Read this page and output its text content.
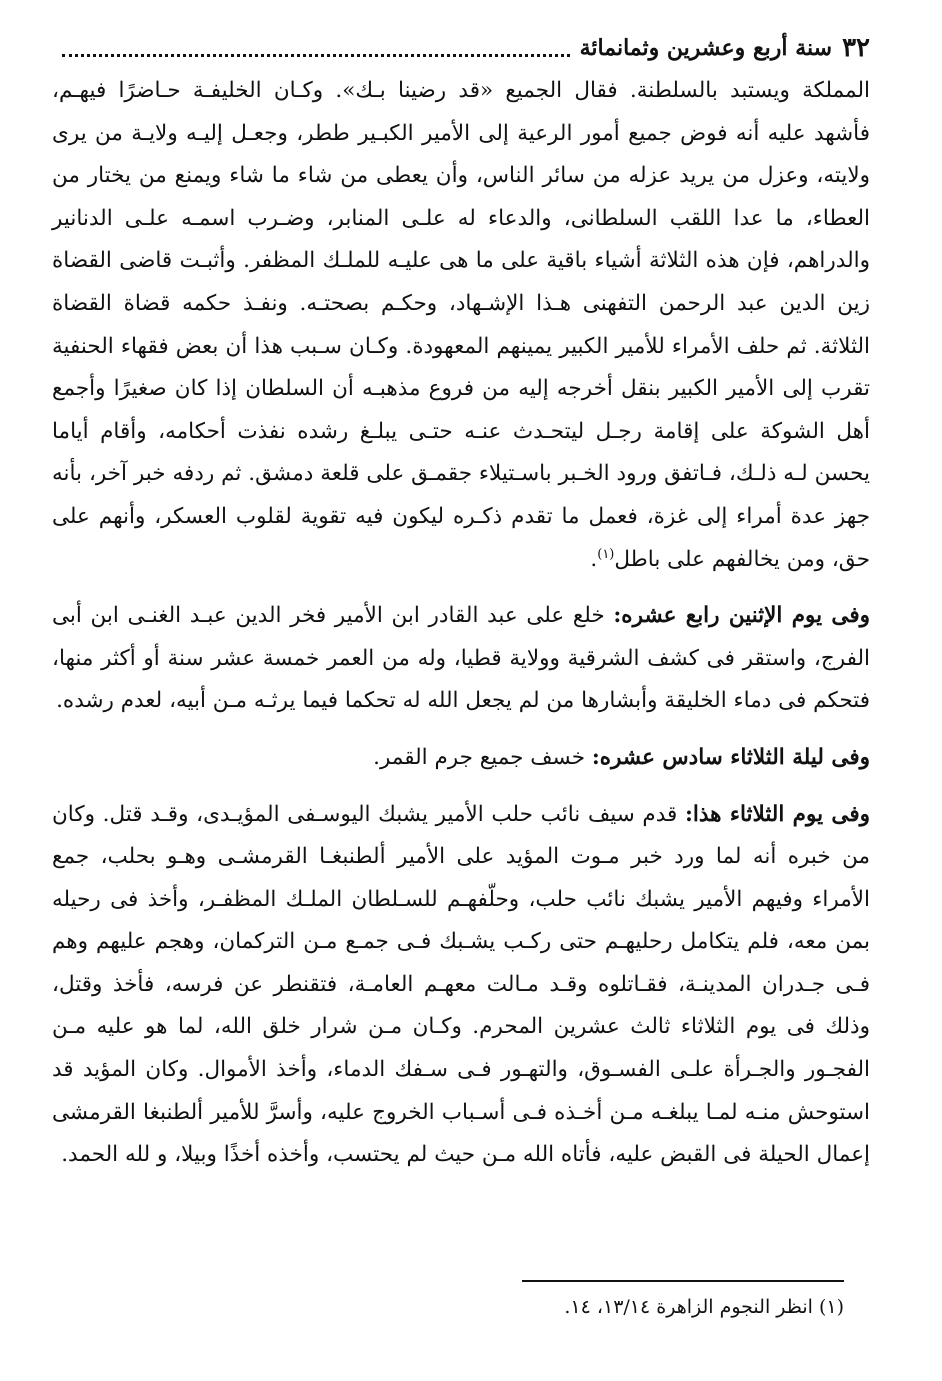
٣٢
سنة أربع وعشرين وثمانمائة

المملكة ويستبد بالسلطنة. فقال الجميع «قد رضينا بـك». وكـان الخليفـة حـاضرًا فيهـم، فأشهد عليه أنه فوض جميع أمور الرعية إلى الأمير الكبـير ططر، وجعـل إليـه ولايـة من يرى ولايته، وعزل من يريد عزله من سائر الناس، وأن يعطى من شاء ما شاء ويمنع من يختار من العطاء، ما عدا اللقب السلطانى، والدعاء له علـى المنابر، وضـرب اسمـه علـى الدنانير والدراهم، فإن هذه الثلاثة أشياء باقية على ما هى عليـه للملـك المظفر. وأثبـت قاضى القضاة زين الدين عبد الرحمن التفهنى هـذا الإشـهاد، وحكـم بصحتـه. ونفـذ حكمه قضاة القضاة الثلاثة. ثم حلف الأمراء للأمير الكبير يمينهم المعهودة. وكـان سـبب هذا أن بعض فقهاء الحنفية تقرب إلى الأمير الكبير بنقل أخرجه إليه من فروع مذهبـه أن السلطان إذا كان صغيرًا وأجمع أهل الشوكة على إقامة رجـل ليتحـدث عنـه حتـى يبلـغ رشده نفذت أحكامه، وأقام أياما يحسن لـه ذلـك، فـاتفق ورود الخـبر باسـتيلاء جقمـق على قلعة دمشق. ثم ردفه خبر آخر، بأنه جهز عدة أمراء إلى غزة، فعمل ما تقدم ذكـره ليكون فيه تقوية لقلوب العسكر، وأنهم على حق، ومن يخالفهم على باطل$^{(١)}$.

وفى يوم الإثنين رابع عشره: خلع على عبد القادر ابن الأمير فخر الدين عبـد الغنـى ابن أبى الفرج، واستقر فى كشف الشرقية وولاية قطيا، وله من العمر خمسة عشر سنة أو أكثر منها، فتحكم فى دماء الخليقة وأبشارها من لم يجعل الله له تحكما فيما يرثـه مـن أبيه، لعدم رشده.

وفى ليلة الثلاثاء سادس عشره: خسف جميع جرم القمر.

وفى يوم الثلاثاء هذا: قدم سيف نائب حلب الأمير يشبك اليوسـفى المؤيـدى، وقـد قتل. وكان من خبره أنه لما ورد خبر مـوت المؤيد على الأمير ألطنبغـا القرمشـى وهـو بحلب، جمع الأمراء وفيهم الأمير يشبك نائب حلب، وحلّفهـم للسـلطان الملـك المظفـر، وأخذ فى رحيله بمن معه، فلم يتكامل رحليهـم حتى ركـب يشـبك فـى جمـع مـن التركمان، وهجم عليهم وهم فـى جـدران المدينـة، فقـاتلوه وقـد مـالت معهـم العامـة، فتقنطر عن فرسه، فأخذ وقتل، وذلك فى يوم الثلاثاء ثالث عشرين المحرم. وكـان مـن شرار خلق الله، لما هو عليه مـن الفجـور والجـرأة علـى الفسـوق، والتهـور فـى سـفك الدماء، وأخذ الأموال. وكان المؤيد قد استوحش منـه لمـا يبلغـه مـن أخـذه فـى أسـباب الخروج عليه، وأسرَّ للأمير ألطنبغا القرمشى إعمال الحيلة فى القبض عليه، فأتاه الله مـن حيث لم يحتسب، وأخذه أخذًا وبيلا، و لله الحمد.

(١) انظر النجوم الزاهرة ١٣/١٤، ١٤.
